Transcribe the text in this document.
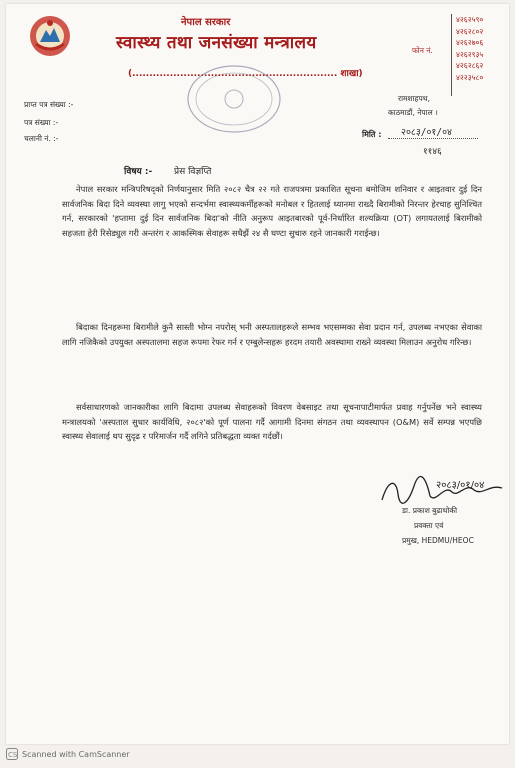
नेपाल सरकार
स्वास्थ्य तथा जनसंख्या मन्त्रालय
(............................................................ शाखा)
फोन नं.
४२६२५९०
४२६२८०२
४२६२७०६
४२६२९३५
४२६२८६२
४२२३५८०
प्राप्त पत्र संख्या :-
पत्र संख्या :-
चलानी नं. :-
रामशाहपथ,
काठमाडौं, नेपाल ।
मिति : २०८३/०१/०४
११४६
विषय :- प्रेस विज्ञप्ति

नेपाल सरकार मन्त्रिपरिषद्को निर्णयानुसार मिति २०८२ चैत्र २२ गते राजपत्रमा प्रकाशित सूचना बमोजिम शनिवार र आइतवार दुई दिन सार्वजनिक बिदा दिने व्यवस्था लागु भएको सन्दर्भमा स्वास्थ्यकर्मीहरूको मनोबल र हितलाई ध्यानमा राख्दै बिरामीको निरन्तर हेरचाह सुनिश्चित गर्न, सरकारको 'हप्तामा दुई दिन सार्वजनिक बिदा'को नीति अनुरूप आइतबारको पूर्व-निर्धारित शल्यक्रिया (OT) लगायतलाई बिरामीको सहजता हेरी रिसेड्युल गरी अन्तरंग र आकस्मिक सेवाहरू सधैझैं २४ सै घण्टा सुचारु रहने जानकारी गराईन्छ।

बिदाका दिनहरूमा बिरामीले कुनै सास्ती भोग्न नपरोस् भनी अस्पतालहरूले सम्भव भएसम्मका सेवा प्रदान गर्न, उपलब्ध नभएका सेवाका लागि नजिकैको उपयुक्त अस्पतालमा सहज रूपमा रेफर गर्न र एम्बुलेन्सहरू हरदम तयारी अवस्थामा राख्ने व्यवस्था मिलाउन अनुरोध गरिन्छ।

सर्वसाधारणको जानकारीका लागि बिदामा उपलब्ध सेवाहरूको विवरण वेबसाइट तथा सूचनापाटीमार्फत प्रवाह गर्नुपर्नेछ भने स्वास्थ्य मन्त्रालयको 'अस्पताल सुधार कार्यविधि, २०८२'को पूर्ण पालना गर्दै आगामी दिनमा संगठन तथा व्यवस्थापन (O&M) सर्वे सम्पन्न भएपछि स्वास्थ्य सेवालाई थप सुदृढ र परिमार्जन गर्दै लगिने प्रतिबद्धता व्यक्त गर्दछौं।

२०८३/०१/०४
डा. प्रकाश बुढाथोकी
प्रवक्ता एवं
प्रमुख, HEDMU/HEOC
CS Scanned with CamScanner
